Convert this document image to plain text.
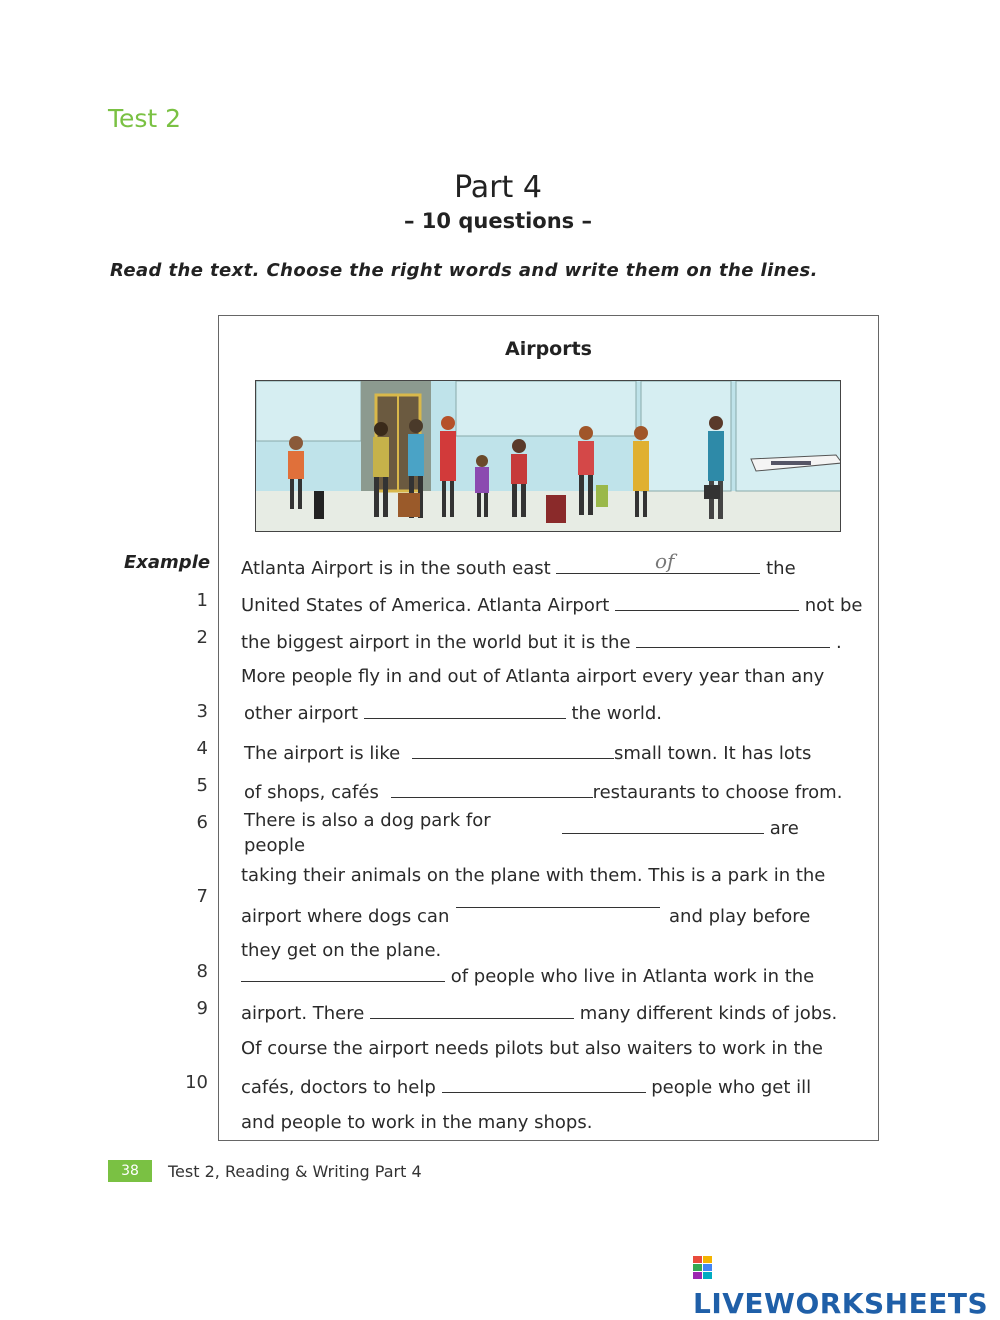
Test 2
Part 4
– 10 questions –
Read the text. Choose the right words and write them on the lines.
Airports
Example
1
2
3
4
5
6
7
8
9
10
Atlanta Airport is in the south east	the
of
United States of America. Atlanta Airport	not be
the biggest airport in the world but it is the	.
More people fly in and out of Atlanta airport every year than any
other airport	the world.
The airport is like	small town. It has lots
of shops, cafés	restaurants to choose from.
There is also a dog park for	are
people
taking their animals on the plane with them. This is a park in the
airport where dogs can	and play before
they get on the plane.
of people who live in Atlanta work in the
airport. There	many different kinds of jobs.
Of course the airport needs pilots but also waiters to work in the
cafés, doctors to help	people who get ill
and people to work in the many shops.
38	Test 2, Reading & Writing Part 4
LIVEWORKSHEETS
